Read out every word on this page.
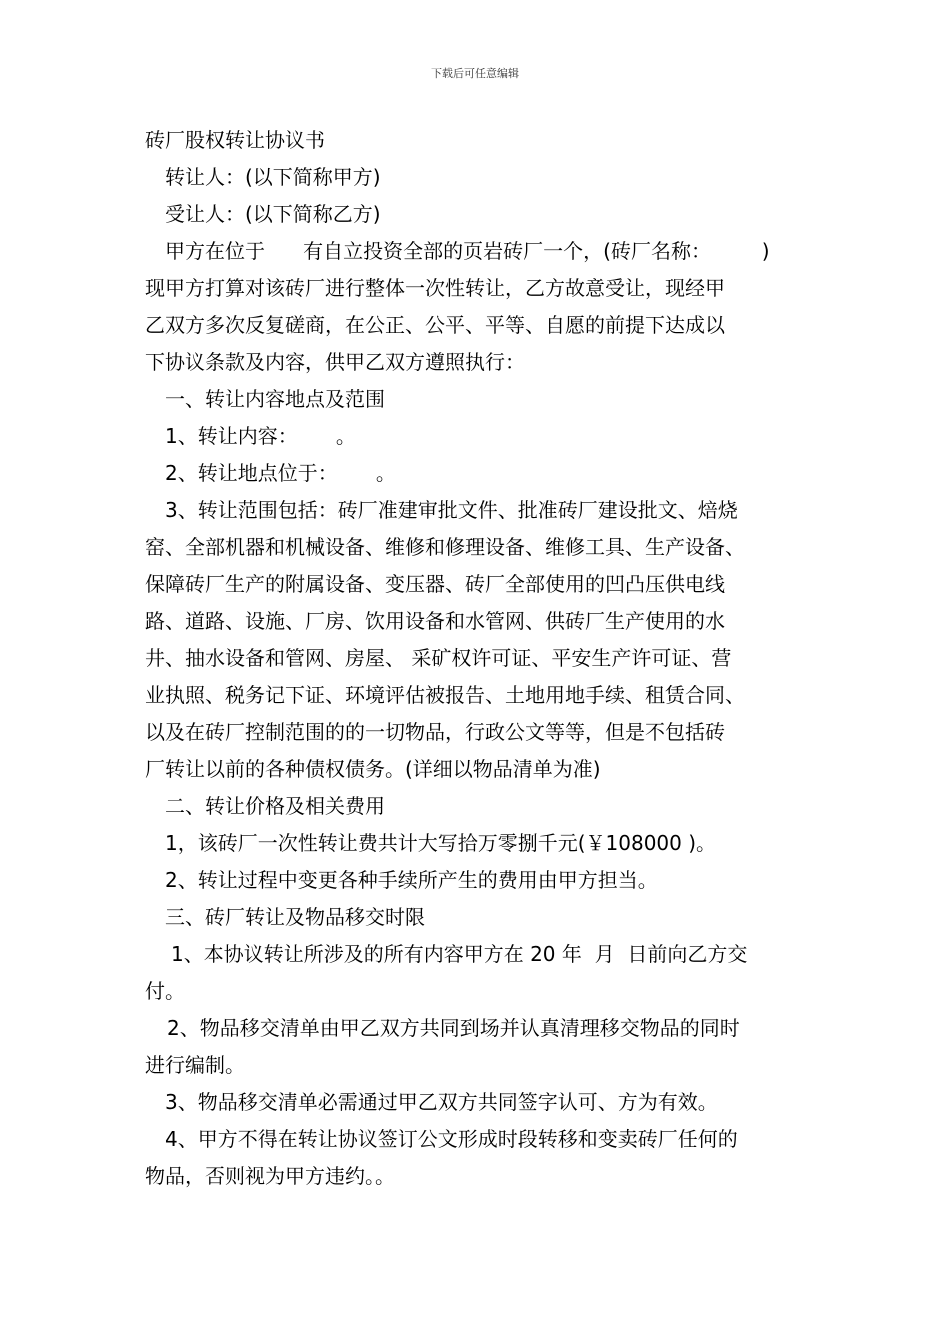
下载后可任意编辑
砖厂股权转让协议书
转让人：(以下简称甲方)
受让人：(以下简称乙方)
甲方在位于      有自立投资全部的页岩砖厂一个，(砖厂名称：        )
现甲方打算对该砖厂进行整体一次性转让，乙方故意受让，现经甲
乙双方多次反复磋商，在公正、公平、平等、自愿的前提下达成以
下协议条款及内容，供甲乙双方遵照执行：
一、转让内容地点及范围
1、转让内容：      。
2、转让地点位于：      。
3、转让范围包括：砖厂准建审批文件、批准砖厂建设批文、焙烧
窑、全部机器和机械设备、维修和修理设备、维修工具、生产设备、
保障砖厂生产的附属设备、变压器、砖厂全部使用的凹凸压供电线
路、道路、设施、厂房、饮用设备和水管网、供砖厂生产使用的水
井、抽水设备和管网、房屋、 采矿权许可证、平安生产许可证、营
业执照、税务记下证、环境评估被报告、土地用地手续、租赁合同、
以及在砖厂控制范围的的一切物品，行政公文等等，但是不包括砖
厂转让以前的各种债权债务。(详细以物品清单为准)
二、转让价格及相关费用
1，该砖厂一次性转让费共计大写拾万零捌千元(￥108000 )。
2、转让过程中变更各种手续所产生的费用由甲方担当。
三、砖厂转让及物品移交时限
1、本协议转让所涉及的所有内容甲方在 20 年  月  日前向乙方交
付。
2、物品移交清单由甲乙双方共同到场并认真清理移交物品的同时
进行编制。
3、物品移交清单必需通过甲乙双方共同签字认可、方为有效。
4、甲方不得在转让协议签订公文形成时段转移和变卖砖厂任何的
物品，否则视为甲方违约。。
